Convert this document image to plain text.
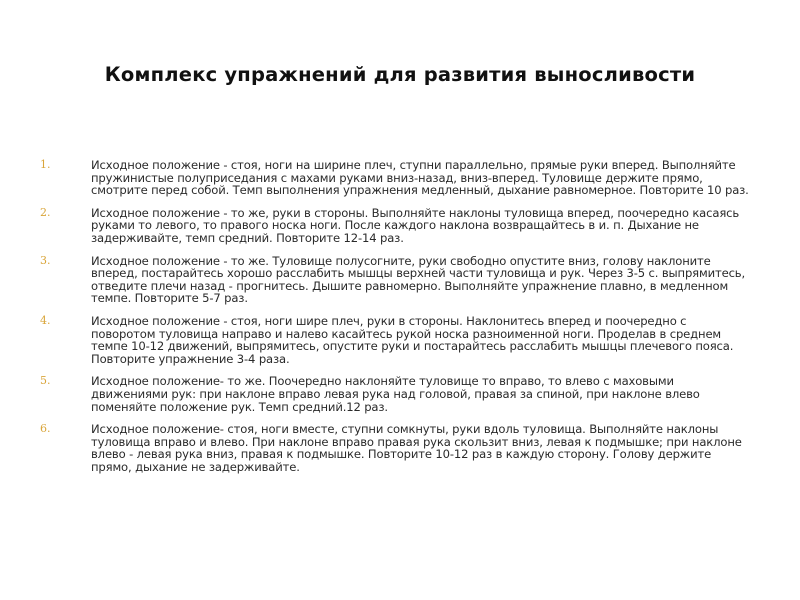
Комплекс упражнений для развития выносливости
1.	Исходное положение - стоя, ноги на ширине плеч, ступни параллельно, прямые руки вперед. Выполняйте пружинистые полуприседания с махами руками вниз-назад, вниз-вперед. Туловище держите прямо, смотрите перед собой. Темп выполнения упражнения медленный, дыхание равномерное. Повторите 10 раз.
2.	Исходное положение - то же, руки в стороны. Выполняйте наклоны туловища вперед, поочередно касаясь руками то левого, то правого носка ноги. После каждого наклона возвращайтесь в и. п. Дыхание не задерживайте, темп средний. Повторите 12-14 раз.
3.	Исходное положение - то же. Туловище полусогните, руки свободно опустите вниз, голову наклоните вперед, постарайтесь хорошо расслабить мышцы верхней части туловища и рук. Через 3-5 с. выпрямитесь, отведите плечи назад - прогнитесь. Дышите равномерно. Выполняйте упражнение плавно, в медленном темпе. Повторите 5-7 раз.
4.	Исходное положение - стоя, ноги шире плеч, руки в стороны. Наклонитесь вперед и поочередно с поворотом туловища направо и налево касайтесь рукой носка разноименной ноги. Проделав в среднем темпе 10-12 движений, выпрямитесь, опустите руки и постарайтесь расслабить мышцы плечевого пояса. Повторите упражнение 3-4 раза.
5.	Исходное положение- то же. Поочередно наклоняйте туловище то вправо, то влево с маховыми движениями рук: при наклоне вправо левая рука над головой, правая за спиной, при наклоне влево поменяйте положение рук. Темп средний.12 раз.
6.	Исходное положение- стоя, ноги вместе, ступни сомкнуты, руки вдоль туловища. Выполняйте наклоны туловища вправо и влево. При наклоне вправо правая рука скользит вниз, левая к подмышке; при наклоне влево - левая рука вниз, правая к подмышке. Повторите 10-12 раз в каждую сторону. Голову держите прямо, дыхание не задерживайте.
